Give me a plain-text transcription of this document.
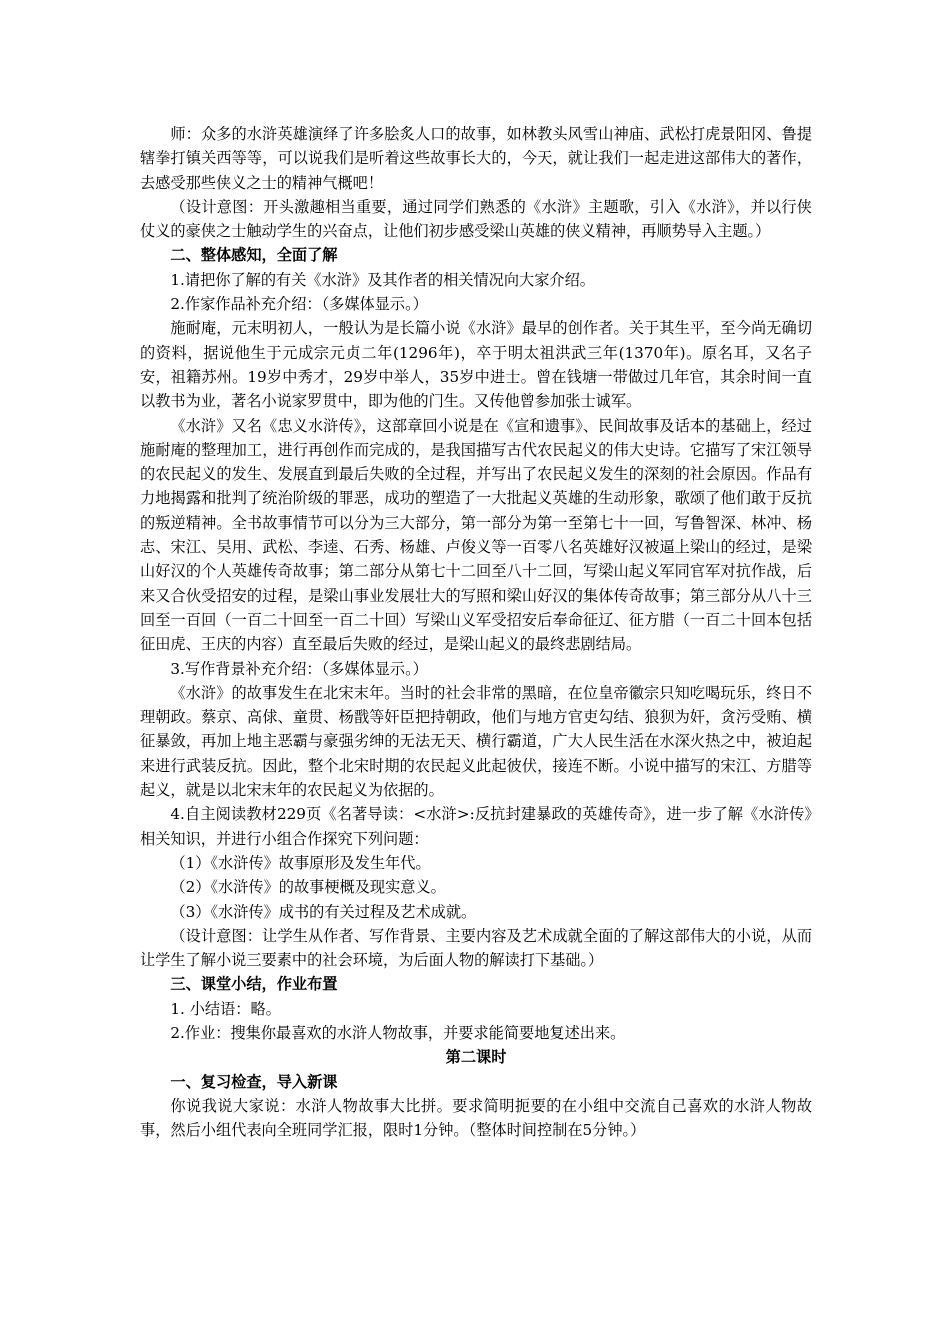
师：众多的水浒英雄演绎了许多脍炙人口的故事，如林教头风雪山神庙、武松打虎景阳冈、鲁提辖拳打镇关西等等，可以说我们是听着这些故事长大的，今天，就让我们一起走进这部伟大的著作，去感受那些侠义之士的精神气概吧！

（设计意图：开头激趣相当重要，通过同学们熟悉的《水浒》主题歌，引入《水浒》，并以行侠仗义的豪侠之士触动学生的兴奋点，让他们初步感受梁山英雄的侠义精神，再顺势导入主题。）

二、整体感知，全面了解

1.请把你了解的有关《水浒》及其作者的相关情况向大家介绍。

2.作家作品补充介绍：（多媒体显示。）

施耐庵，元末明初人，一般认为是长篇小说《水浒》最早的创作者。关于其生平，至今尚无确切的资料，据说他生于元成宗元贞二年(1296年)，卒于明太祖洪武三年(1370年)。原名耳，又名子安，祖籍苏州。19岁中秀才，29岁中举人，35岁中进士。曾在钱塘一带做过几年官，其余时间一直以教书为业，著名小说家罗贯中，即为他的门生。又传他曾参加张士诚军。

《水浒》又名《忠义水浒传》，这部章回小说是在《宣和遗事》、民间故事及话本的基础上，经过施耐庵的整理加工，进行再创作而完成的，是我国描写古代农民起义的伟大史诗。它描写了宋江领导的农民起义的发生、发展直到最后失败的全过程，并写出了农民起义发生的深刻的社会原因。作品有力地揭露和批判了统治阶级的罪恶，成功的塑造了一大批起义英雄的生动形象，歌颂了他们敢于反抗的叛逆精神。全书故事情节可以分为三大部分，第一部分为第一至第七十一回，写鲁智深、林冲、杨志、宋江、吴用、武松、李逵、石秀、杨雄、卢俊义等一百零八名英雄好汉被逼上梁山的经过，是梁山好汉的个人英雄传奇故事；第二部分从第七十二回至八十二回，写梁山起义军同官军对抗作战，后来又合伙受招安的过程，是梁山事业发展壮大的写照和梁山好汉的集体传奇故事；第三部分从八十三回至一百回（一百二十回至一百二十回）写梁山义军受招安后奉命征辽、征方腊（一百二十回本包括征田虎、王庆的内容）直至最后失败的经过，是梁山起义的最终悲剧结局。

3.写作背景补充介绍：（多媒体显示。）

《水浒》的故事发生在北宋末年。当时的社会非常的黑暗，在位皇帝徽宗只知吃喝玩乐，终日不理朝政。蔡京、高俅、童贯、杨戬等奸臣把持朝政，他们与地方官吏勾结、狼狈为奸，贪污受贿、横征暴敛，再加上地主恶霸与豪强劣绅的无法无天、横行霸道，广大人民生活在水深火热之中，被迫起来进行武装反抗。因此，整个北宋时期的农民起义此起彼伏，接连不断。小说中描写的宋江、方腊等起义，就是以北宋末年的农民起义为依据的。

4.自主阅读教材229页《名著导读：<水浒>:反抗封建暴政的英雄传奇》，进一步了解《水浒传》相关知识，并进行小组合作探究下列问题：

（1）《水浒传》故事原形及发生年代。

（2）《水浒传》的故事梗概及现实意义。

（3）《水浒传》成书的有关过程及艺术成就。

（设计意图：让学生从作者、写作背景、主要内容及艺术成就全面的了解这部伟大的小说，从而让学生了解小说三要素中的社会环境，为后面人物的解读打下基础。）

三、课堂小结，作业布置

1. 小结语：略。

2.作业：搜集你最喜欢的水浒人物故事，并要求能简要地复述出来。

第二课时

一、复习检查，导入新课

你说我说大家说：水浒人物故事大比拼。要求简明扼要的在小组中交流自己喜欢的水浒人物故事，然后小组代表向全班同学汇报，限时1分钟。（整体时间控制在5分钟。）
